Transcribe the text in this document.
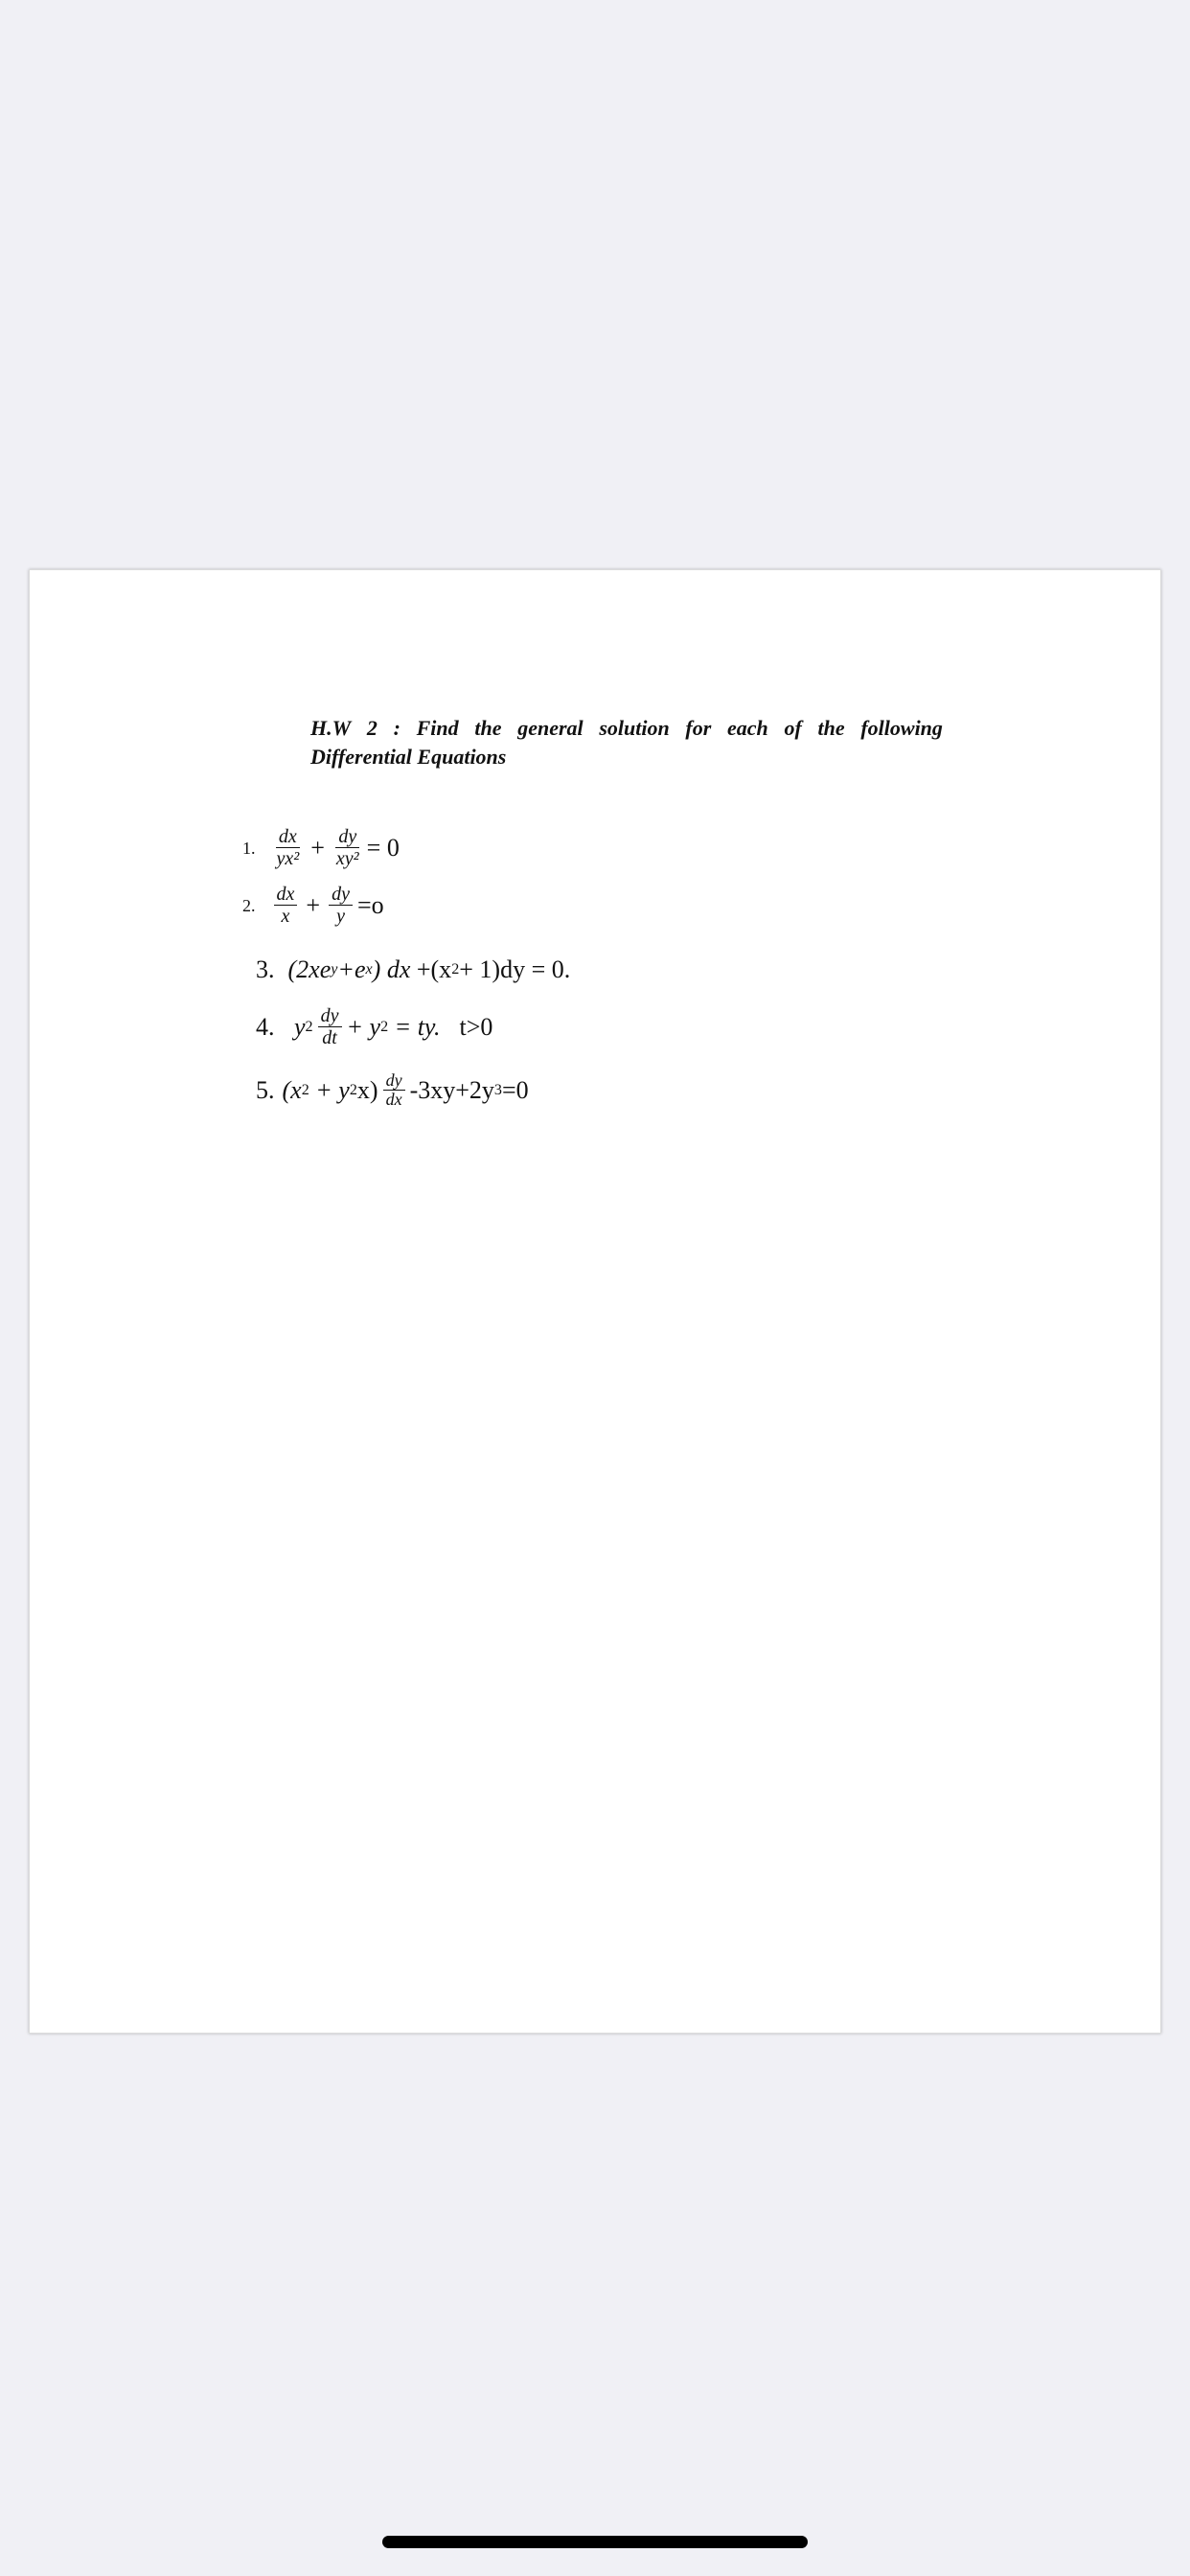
H.W 2 : Find the general solution for each of the following
Differential Equations
1. $\frac{dx}{\text{yx²}} + \frac{dy}{\text{xy²}} = 0$
2. $\frac{dx}{x} + \frac{dy}{y} =o$
3. (2xe y +e x ) dx
+(x 2 + 1)dy = 0.
4.
y $2 \frac{dy}{dt} + y$ 2
= ty. t>0
5. (x 2
+ y 2 $x) \frac{dy}{dx} -3xy+2y$ 3 =0
